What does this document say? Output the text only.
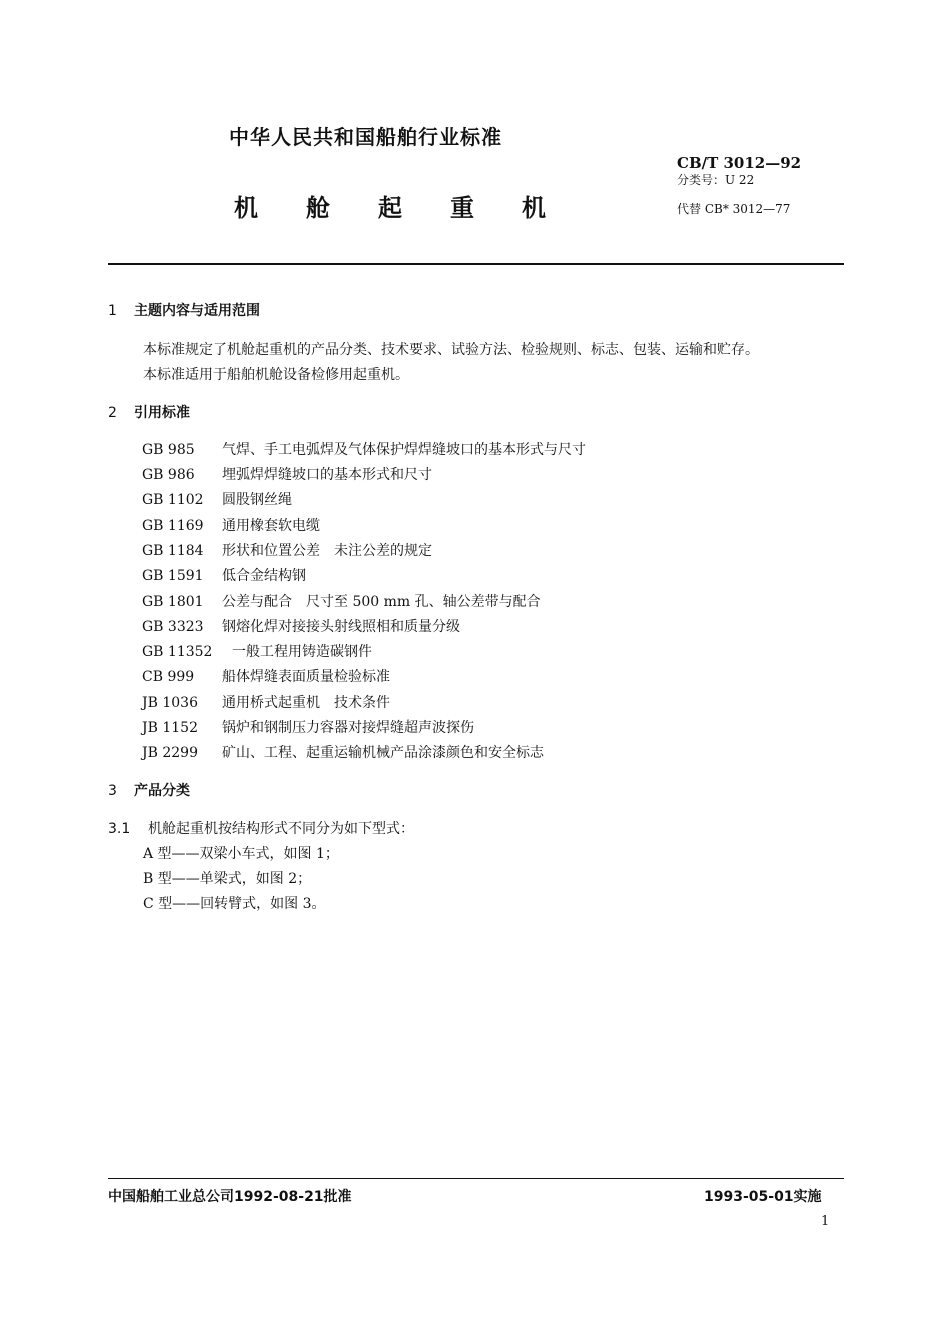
中华人民共和国船舶行业标准
机舱起重机
CB/T 3012—92
分类号：U 22
代替 CB* 3012—77
1 主题内容与适用范围
本标准规定了机舱起重机的产品分类、技术要求、试验方法、检验规则、标志、包装、运输和贮存。
本标准适用于船舶机舱设备检修用起重机。
2 引用标准
GB 985 气焊、手工电弧焊及气体保护焊焊缝坡口的基本形式与尺寸
GB 986 埋弧焊焊缝坡口的基本形式和尺寸
GB 1102 圆股钢丝绳
GB 1169 通用橡套软电缆
GB 1184 形状和位置公差　未注公差的规定
GB 1591 低合金结构钢
GB 1801 公差与配合　尺寸至 500 mm 孔、轴公差带与配合
GB 3323 钢熔化焊对接接头射线照相和质量分级
GB 11352 一般工程用铸造碳钢件
CB 999 船体焊缝表面质量检验标准
JB 1036 通用桥式起重机　技术条件
JB 1152 锅炉和钢制压力容器对接焊缝超声波探伤
JB 2299 矿山、工程、起重运输机械产品涂漆颜色和安全标志
3 产品分类
3.1 机舱起重机按结构形式不同分为如下型式：
A 型——双梁小车式，如图 1；
B 型——单梁式，如图 2；
C 型——回转臂式，如图 3。
中国船舶工业总公司1992-08-21批准	1993-05-01实施
1
